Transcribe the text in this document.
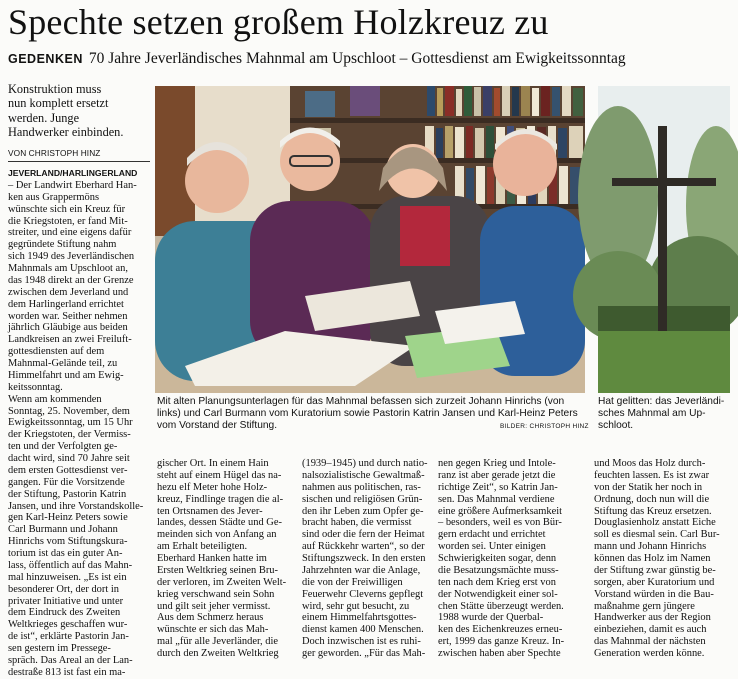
Spechte setzen großem Holzkreuz zu
GEDENKEN 70 Jahre Jeverländisches Mahnmal am Upschloot – Gottesdienst am Ewigkeitssonntag
Konstruktion muss
nun komplett ersetzt
werden. Junge
Handwerker einbinden.
VON CHRISTOPH HINZ
JEVERLAND/HARLINGERLAND
– Der Landwirt Eberhard Han-
ken aus Grappermöns
wünschte sich ein Kreuz für
die Kriegstoten, er fand Mit-
streiter, und eine eigens dafür
gegründete Stiftung nahm
sich 1949 des Jeverländischen
Mahnmals am Upschloot an,
das 1948 direkt an der Grenze
zwischen dem Jeverland und
dem Harlingerland errichtet
worden war. Seither nehmen
jährlich Gläubige aus beiden
Landkreisen an zwei Freiluft-
gottesdiensten auf dem
Mahnmal-Gelände teil, zu
Himmelfahrt und am Ewig-
keitssonntag.
Wenn am kommenden
Sonntag, 25. November, dem
Ewigkeitssonntag, um 15 Uhr
der Kriegstoten, der Vermiss-
ten und der Verfolgten ge-
dacht wird, sind 70 Jahre seit
dem ersten Gottesdienst ver-
gangen. Für die Vorsitzende
der Stiftung, Pastorin Katrin
Jansen, und ihre Vorstandskolle-
gen Karl-Heinz Peters sowie
Carl Burmann und Johann
Hinrichs vom Stiftungskura-
torium ist das ein guter An-
lass, öffentlich auf das Mahn-
mal hinzuweisen. „Es ist ein
besonderer Ort, der dort in
privater Initiative und unter
dem Eindruck des Zweiten
Weltkrieges geschaffen wur-
de ist“, erklärte Pastorin Jan-
sen gestern im Pressege-
spräch. Das Areal an der Lan-
destraße 813 ist fast ein ma-
Mit alten Planungsunterlagen für das Mahnmal befassen sich zurzeit Johann Hinrichs (von
links) und Carl Burmann vom Kuratorium sowie Pastorin Katrin Jansen und Karl-Heinz Peters
vom Vorstand der Stiftung.	BILDER: CHRISTOPH HINZ
Hat gelitten: das Jeverländi-
sches Mahnmal am Up-
schloot.
gischer Ort. In einem Hain
steht auf einem Hügel das na-
hezu elf Meter hohe Holz-
kreuz, Findlinge tragen die al-
ten Ortsnamen des Jever-
landes, dessen Städte und Ge-
meinden sich von Anfang an
am Erhalt beteiligten.
Eberhard Hanken hatte im
Ersten Weltkrieg seinen Bru-
der verloren, im Zweiten Welt-
krieg verschwand sein Sohn
und gilt seit jeher vermisst.
Aus dem Schmerz heraus
wünschte er sich das Mah-
mal „für alle Jeverländer, die
durch den Zweiten Weltkrieg
(1939–1945) und durch natio-
nalsozialistische Gewaltmaß-
nahmen aus politischen, ras-
sischen und religiösen Grün-
den ihr Leben zum Opfer ge-
bracht haben, die vermisst
sind oder die fern der Heimat
auf Rückkehr warten“, so der
Stiftungszweck. In den ersten
Jahrzehnten war die Anlage,
die von der Freiwilligen
Feuerwehr Cleverns gepflegt
wird, sehr gut besucht, zu
einem Himmelfahrtsgottes-
dienst kamen 400 Menschen.
Doch inzwischen ist es ruhi-
ger geworden. „Für das Mah-
nen gegen Krieg und Intole-
ranz ist aber gerade jetzt die
richtige Zeit“, so Katrin Jan-
sen. Das Mahnmal verdiene
eine größere Aufmerksamkeit
– besonders, weil es von Bür-
gern erdacht und errichtet
worden sei. Unter einigen
Schwierigkeiten sogar, denn
die Besatzungsmächte muss-
ten nach dem Krieg erst von
der Notwendigkeit einer sol-
chen Stätte überzeugt werden.
1988 wurde der Querbal-
ken des Eichenkreuzes erneu-
ert, 1999 das ganze Kreuz. In-
zwischen haben aber Spechte
und Moos das Holz durch-
feuchten lassen. Es ist zwar
von der Statik her noch in
Ordnung, doch nun will die
Stiftung das Kreuz ersetzen.
Douglasienholz anstatt Eiche
soll es diesmal sein. Carl Bur-
mann und Johann Hinrichs
können das Holz im Namen
der Stiftung zwar günstig be-
sorgen, aber Kuratorium und
Vorstand würden in die Bau-
maßnahme gern jüngere
Handwerker aus der Region
einbeziehen, damit es auch
das Mahnmal der nächsten
Generation werden könne.
